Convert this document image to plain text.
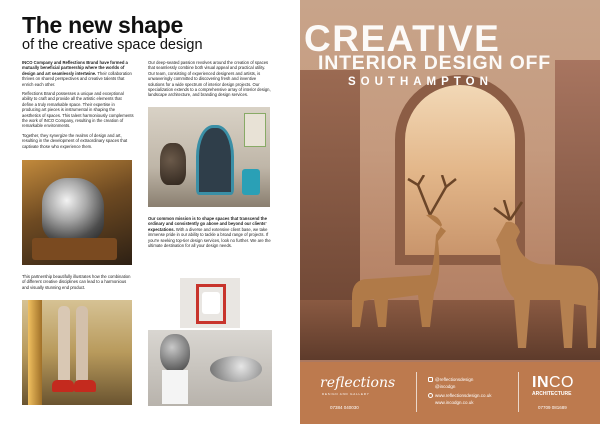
The new shape
of the creative space design

INCO Company and Reflections Brand have formed a mutually beneficial partnership where the worlds of design and art seamlessly intertwine. Their collaboration thrives on shared perspectives and creative talents that enrich each other.

Reflections Brand possesses a unique and exceptional ability to craft and provide all the artistic elements that define a truly remarkable space. Their expertise in producing art pieces is instrumental in shaping the aesthetics of spaces. This talent harmoniously complements the work of INCO Company, resulting in the creation of remarkable environments.

Together, they synergize the realms of design and art, resulting in the development of extraordinary spaces that captivate those who experience them.

Our deep-seated passion revolves around the creation of spaces that seamlessly combine both visual appeal and practical utility. Our team, consisting of experienced designers and artists, is unwaveringly committed to discovering fresh and inventive solutions for a wide spectrum of interior design projects. Our specialization extends to a comprehensive array of interior design, landscape architecture, and branding design services.
Our common mission is to shape spaces that transcend the ordinary and consistently go above and beyond our clients' expectations. With a diverse and extensive client base, we take immense pride in our ability to tackle a broad range of projects. If you're seeking top-tier design services, look no further. We are the ultimate destination for all your design needs.
This partnership beautifully illustrates how the combination of different creative disciplines can lead to a harmonious and visually stunning end product.
CREATIVE
INTERIOR DESIGN OFF
SOUTHAMPTON
reflections
DESIGN AND GALLERY
07384 040030
@reflectionsdesign
@incodgn
www.reflectionsdesign.co.uk
www.incodgn.co.uk
INCO
ARCHITECTURE
07709 081689
